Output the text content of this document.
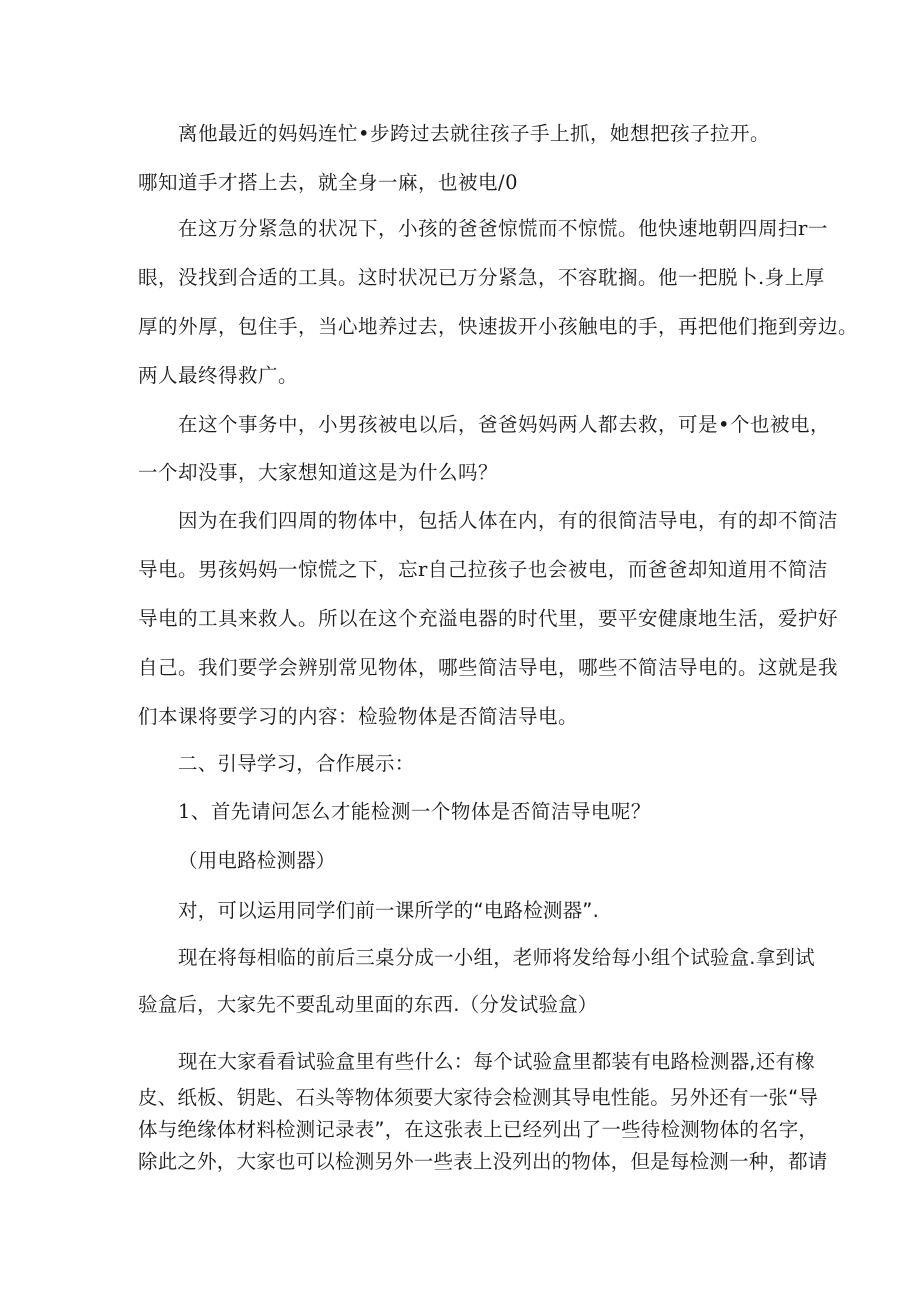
离他最近的妈妈连忙•步跨过去就往孩子手上抓，她想把孩子拉开。
哪知道手才搭上去，就全身一麻，也被电/0
在这万分紧急的状况下，小孩的爸爸惊慌而不惊慌。他快速地朝四周扫r一
眼，没找到合适的工具。这时状况已万分紧急，不容耽搁。他一把脱卜.身上厚
厚的外厚，包住手，当心地养过去，快速拔开小孩触电的手，再把他们拖到旁边。
两人最终得救广。
在这个事务中，小男孩被电以后，爸爸妈妈两人都去救，可是•个也被电，
一个却没事，大家想知道这是为什么吗？
因为在我们四周的物体中，包括人体在内，有的很简洁导电，有的却不简洁
导电。男孩妈妈一惊慌之下，忘r自己拉孩子也会被电，而爸爸却知道用不简洁
导电的工具来救人。所以在这个充溢电器的时代里，要平安健康地生活，爱护好
自己。我们要学会辨别常见物体，哪些简洁导电，哪些不简洁导电的。这就是我
们本课将要学习的内容：检验物体是否简洁导电。
二、引导学习，合作展示：
1、首先请问怎么才能检测一个物体是否简洁导电呢？
（用电路检测器）
对，可以运用同学们前一课所学的“电路检测器”.
现在将每相临的前后三桌分成一小组，老师将发给每小组个试验盒.拿到试
验盒后，大家先不要乱动里面的东西.（分发试验盒）
现在大家看看试验盒里有些什么：每个试验盒里都装有电路检测器,还有橡
皮、纸板、钥匙、石头等物体须要大家待会检测其导电性能。另外还有一张“导
体与绝缘体材料检测记录表”，在这张表上已经列出了一些待检测物体的名字，
除此之外，大家也可以检测另外一些表上没列出的物体，但是每检测一种，都请
